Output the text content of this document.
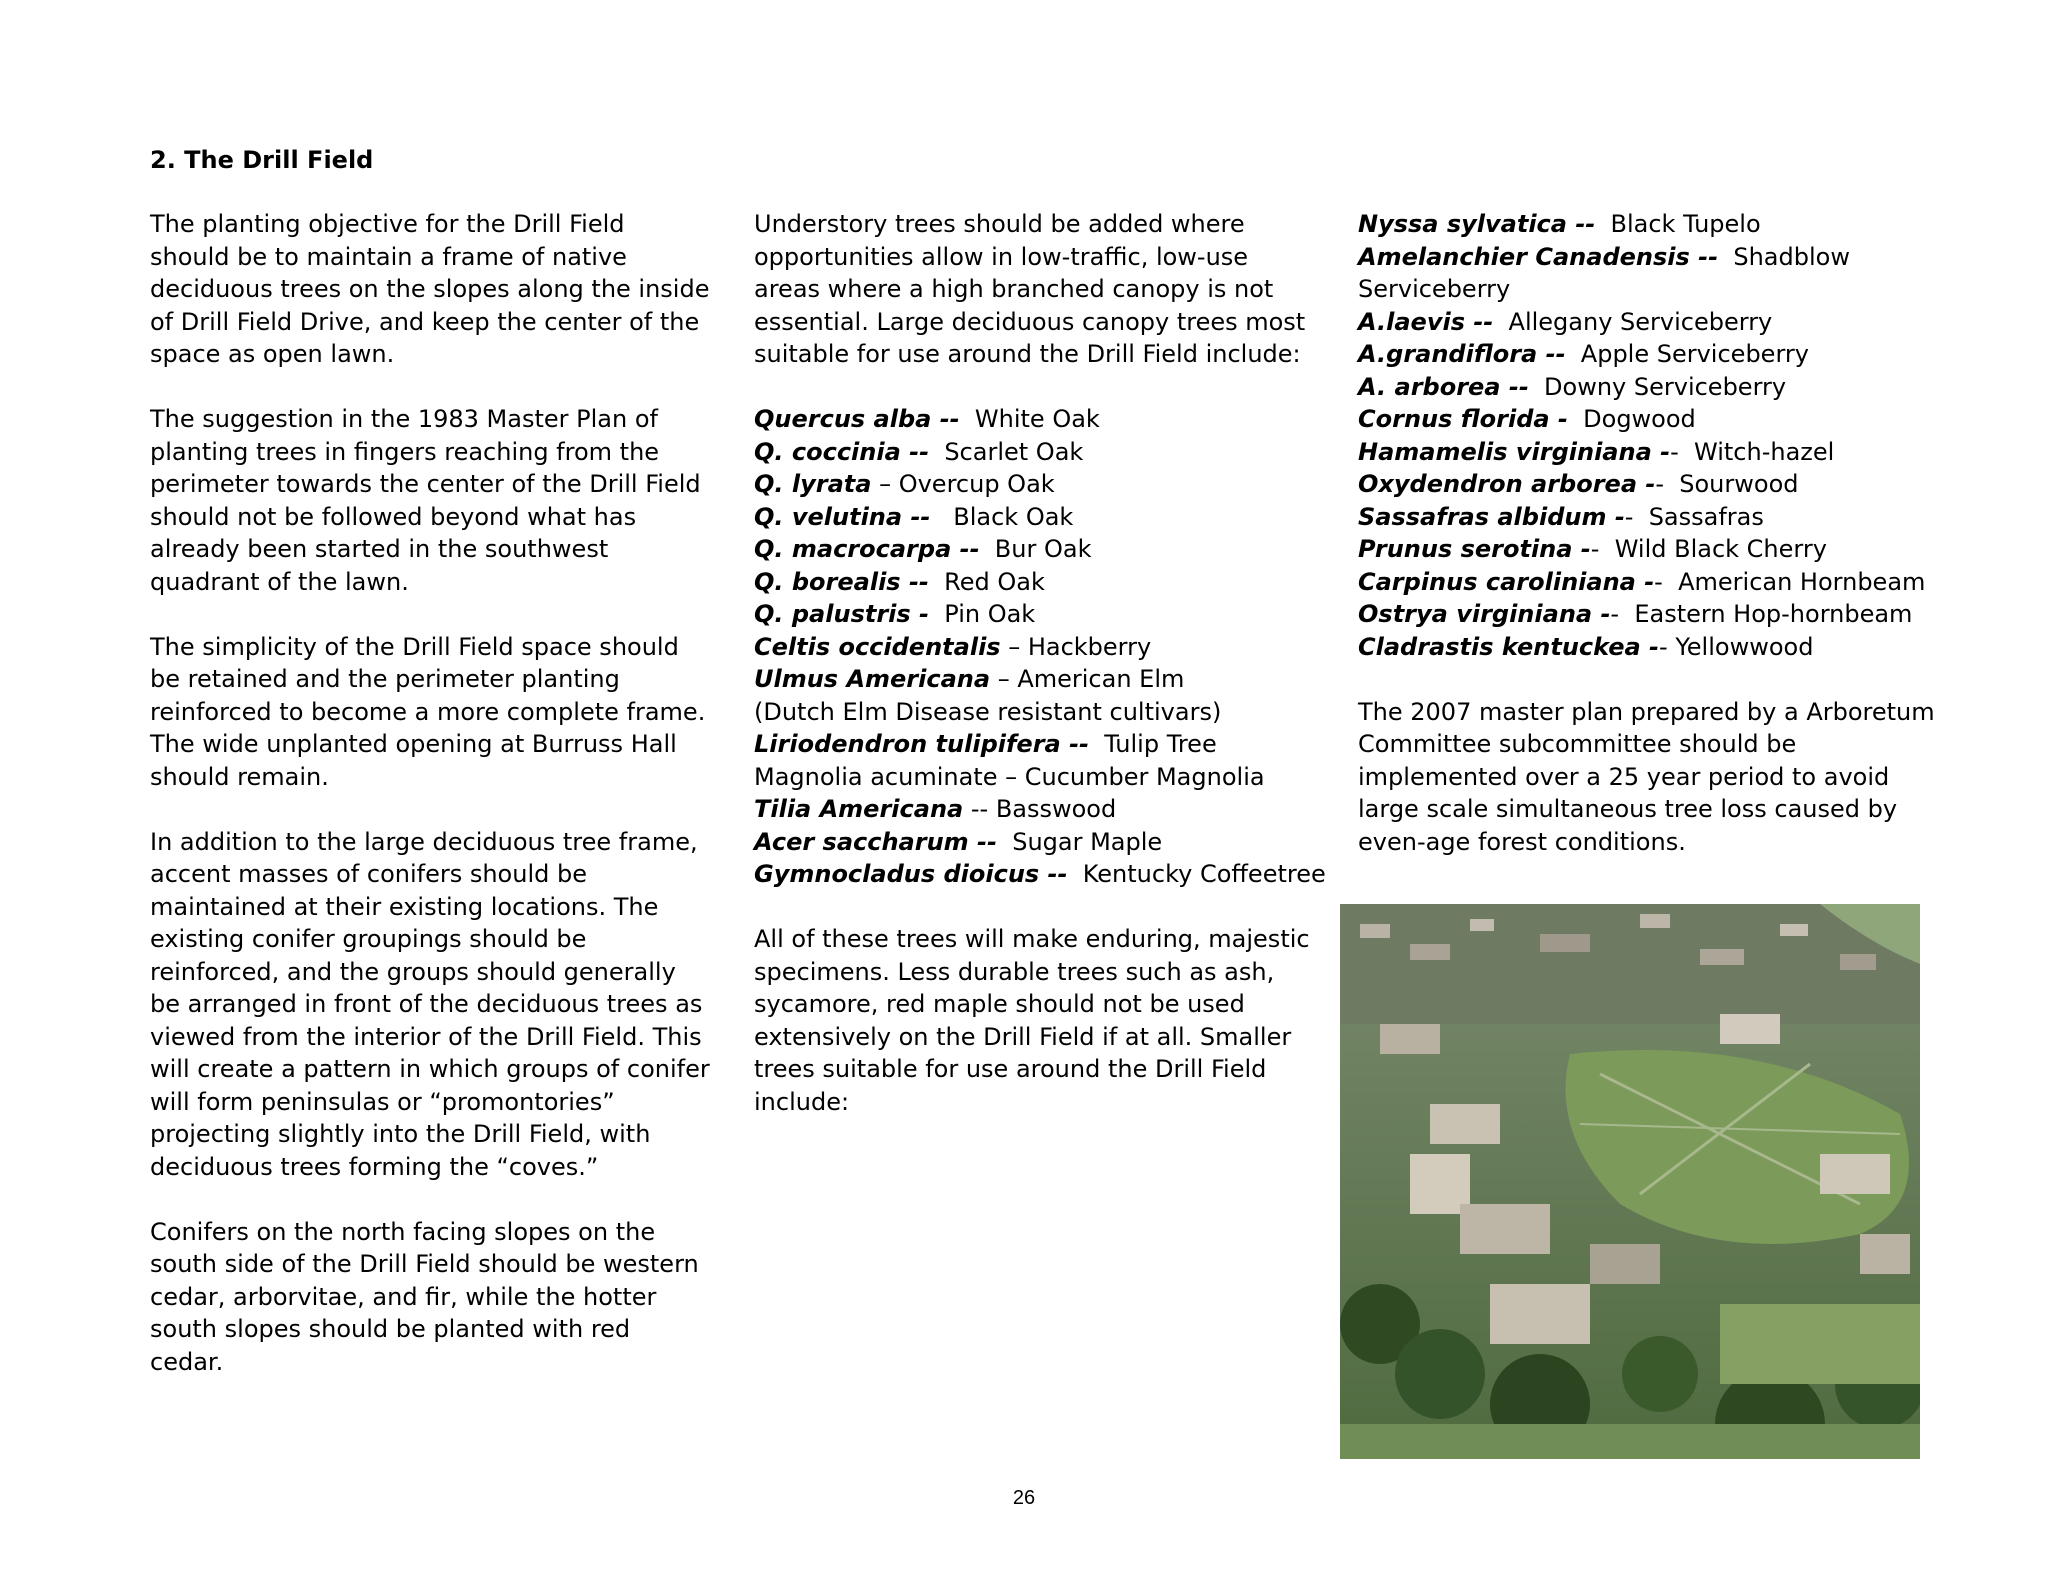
2. The Drill Field

The planting objective for the Drill Field should be to maintain a frame of native deciduous trees on the slopes along the inside of Drill Field Drive, and keep the center of the space as open lawn.

The suggestion in the 1983 Master Plan of planting trees in fingers reaching from the perimeter towards the center of the Drill Field should not be followed beyond what has already been started in the southwest quadrant of the lawn.

The simplicity of the Drill Field space should be retained and the perimeter planting reinforced to become a more complete frame. The wide unplanted opening at Burruss Hall should remain.

In addition to the large deciduous tree frame, accent masses of conifers should be maintained at their existing locations. The existing conifer groupings should be reinforced, and the groups should generally be arranged in front of the deciduous trees as viewed from the interior of the Drill Field. This will create a pattern in which groups of conifer will form peninsulas or “promontories” projecting slightly into the Drill Field, with deciduous trees forming the “coves.”

Conifers on the north facing slopes on the south side of the Drill Field should be western cedar, arborvitae, and fir, while the hotter south slopes should be planted with red cedar.

Understory trees should be added where opportunities allow in low-traffic, low-use areas where a high branched canopy is not essential. Large deciduous canopy trees most suitable for use around the Drill Field include:

Quercus alba --  White Oak
Q. coccinia --  Scarlet Oak
Q. lyrata – Overcup Oak
Q. velutina --   Black Oak
Q. macrocarpa --  Bur Oak
Q. borealis --  Red Oak
Q. palustris -  Pin Oak
Celtis occidentalis – Hackberry
Ulmus Americana – American Elm
(Dutch Elm Disease resistant cultivars)
Liriodendron tulipifera --  Tulip Tree
Magnolia acuminate – Cucumber Magnolia
Tilia Americana -- Basswood
Acer saccharum --  Sugar Maple
Gymnocladus dioicus --  Kentucky Coffeetree

All of these trees will make enduring, majestic specimens. Less durable trees such as ash, sycamore, red maple should not be used extensively on the Drill Field if at all. Smaller trees suitable for use around the Drill Field include:

Nyssa sylvatica --  Black Tupelo
Amelanchier Canadensis --  Shadblow
Serviceberry
A.laevis --  Allegany Serviceberry
A.grandiflora --  Apple Serviceberry
A. arborea --  Downy Serviceberry
Cornus florida -  Dogwood
Hamamelis virginiana --  Witch-hazel
Oxydendron arborea --  Sourwood
Sassafras albidum --  Sassafras
Prunus serotina --  Wild Black Cherry
Carpinus caroliniana --  American Hornbeam
Ostrya virginiana --  Eastern Hop-hornbeam
Cladrastis kentuckea -- Yellowwood

The 2007 master plan prepared by a Arboretum Committee subcommittee should be implemented over a 25 year period to avoid large scale simultaneous tree loss caused by even-age forest conditions.

26
